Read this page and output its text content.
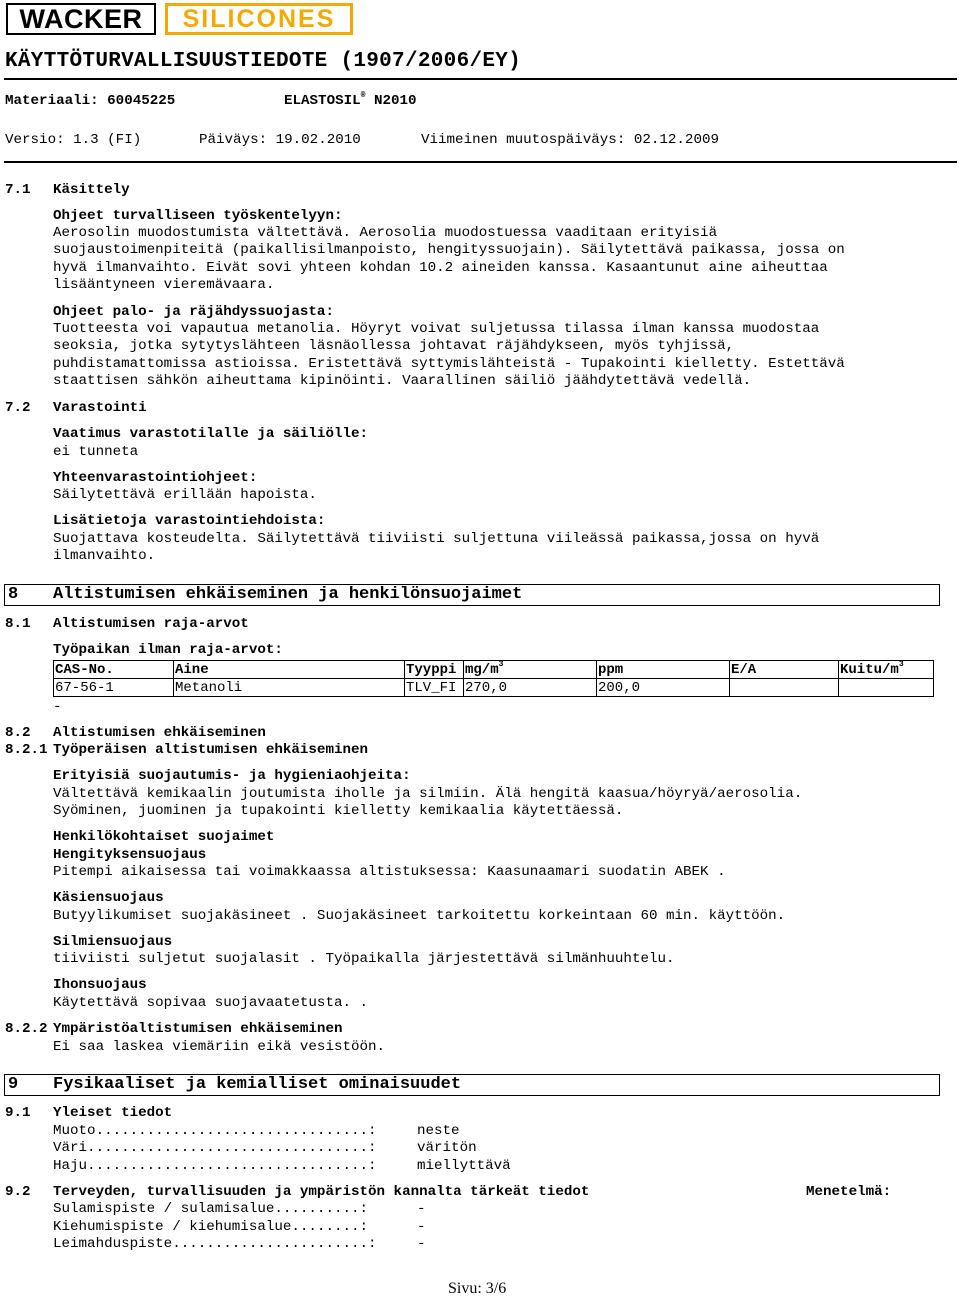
WACKER	SILICONES
KÄYTTÖTURVALLISUUSTIEDOTE (1907/2006/EY)
Materiaali: 60045225	ELASTOSIL® N2010
Versio: 1.3 (FI)	Päiväys: 19.02.2010	Viimeinen muutospäiväys: 02.12.2009
7.1 Käsittely
Ohjeet turvalliseen työskentelyyn:
Aerosolin muodostumista vältettävä. Aerosolia muodostuessa vaaditaan erityisiä
suojaustoimenpiteitä (paikallisilmanpoisto, hengityssuojain). Säilytettävä paikassa, jossa on
hyvä ilmanvaihto. Eivät sovi yhteen kohdan 10.2 aineiden kanssa. Kasaantunut aine aiheuttaa
lisääntyneen vieremävaara.
Ohjeet palo- ja räjähdyssuojasta:
Tuotteesta voi vapautua metanolia. Höyryt voivat suljetussa tilassa ilman kanssa muodostaa
seoksia, jotka sytytyslähteen läsnäollessa johtavat räjähdykseen, myös tyhjissä,
puhdistamattomissa astioissa. Eristettävä syttymislähteistä - Tupakointi kielletty. Estettävä
staattisen sähkön aiheuttama kipinöinti. Vaarallinen säiliö jäähdytettävä vedellä.
7.2 Varastointi
Vaatimus varastotilalle ja säiliölle:
ei tunneta
Yhteenvarastointiohjeet:
Säilytettävä erillään hapoista.
Lisätietoja varastointiehdoista:
Suojattava kosteudelta. Säilytettävä tiiviisti suljettuna viileässä paikassa,jossa on hyvä
ilmanvaihto.
8 Altistumisen ehkäiseminen ja henkilönsuojaimet
8.1 Altistumisen raja-arvot
Työpaikan ilman raja-arvot:
CAS-No.	Aine	Tyyppi	$mg/m^3$	ppm	E/A	Kuitu/$m^3$
67-56-1	Metanoli	TLV_FI	270,0	200,0		
-
8.2 Altistumisen ehkäiseminen
8.2.1 Työperäisen altistumisen ehkäiseminen
Erityisiä suojautumis- ja hygieniaohjeita:
Vältettävä kemikaalin joutumista iholle ja silmiin. Älä hengitä kaasua/höyryä/aerosolia.
Syöminen, juominen ja tupakointi kielletty kemikaalia käytettäessä.
Henkilökohtaiset suojaimet
Hengityksensuojaus
Pitempi aikaisessa tai voimakkaassa altistuksessa: Kaasunaamari suodatin ABEK .
Käsiensuojaus
Butyylikumiset suojakäsineet . Suojakäsineet tarkoitettu korkeintaan 60 min. käyttöön.
Silmiensuojaus
tiiviisti suljetut suojalasit . Työpaikalla järjestettävä silmänhuuhtelu.
Ihonsuojaus
Käytettävä sopivaa suojavaatetusta. .
8.2.2 Ympäristöaltistumisen ehkäiseminen
Ei saa laskea viemäriin eikä vesistöön.
9 Fysikaaliset ja kemialliset ominaisuudet
9.1 Yleiset tiedot
Muoto................................:	neste
Väri.................................:	väritön
Haju.................................:	miellyttävä
9.2 Terveyden, turvallisuuden ja ympäristön kannalta tärkeät tiedot	Menetelmä:
Sulamispiste / sulamisalue..........:	-
Kiehumispiste / kiehumisalue........:	-
Leimahduspiste.......................:	-
Sivu: 3/6
